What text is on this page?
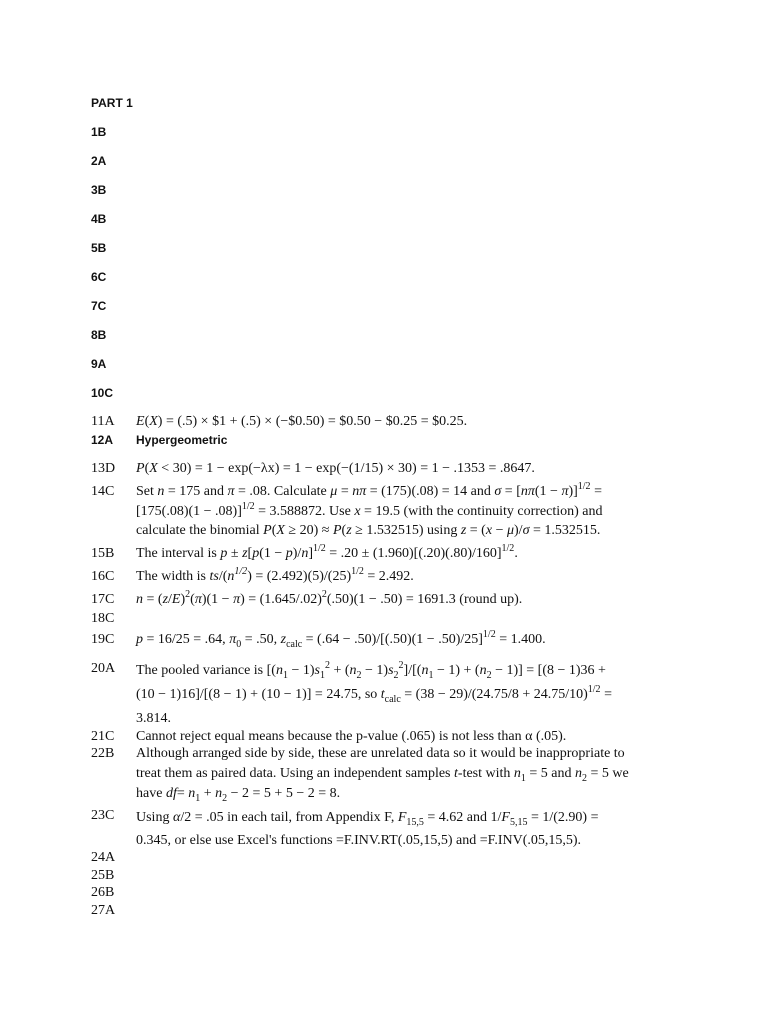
PART 1
1B
2A
3B
4B
5B
6C
7C
8B
9A
10C
11A E(X) = (.5) × $1 + (.5) × (−$0.50) = $0.50 − $0.25 = $0.25.
12A Hypergeometric
13D P(X < 30) = 1 − exp(−λx) = 1 − exp(−(1/15) × 30) = 1 − .1353 = .8647.
14C Set n = 175 and π = .08. Calculate μ = nπ = (175)(.08) = 14 and $\sigma = [n\pi(1 - \pi)]^{1/2}$ =
$[175(.08)(1 - .08)]^{1/2} = 3.588872$. Use x = 19.5 (with the continuity correction) and
calculate the binomial P(X ≥ 20) ≈ P(z ≥ 1.532515) using z = (x − μ)/σ = 1.532515.
15B The interval is $p \pm z[p(1 - p)/n]^{1/2} = .20 \pm (1.960)[(.20)(.80)/160]^{1/2}$.
16C The width is $ts/(n^{1/2}) = (2.492)(5)/(25)^{1/2} = 2.492$.
17C $n = (z/E)^2(\pi)(1 - \pi) = (1.645/.02)^2(.50)(1 - .50) = 1691.3$ (round up).
18C
19C p = 16/25 = .64, $\pi_0 = .50$, $z_{calc} = (.64 - .50)/[(.50)(1 - .50)/25]^{1/2} = 1.400$.
20A The pooled variance is $[(n_1 - 1)s_1^2 + (n_2 - 1)s_2^2]/[(n_1 - 1) + (n_2 - 1)] = [(8 - 1)36$ +
(10 − 1)16]/[(8 − 1) + (10 − 1)] = 24.75, so $t_{calc} = (38 - 29)/(24.75/8 + 24.75/10)^{1/2}$ =
3.814.
21C Cannot reject equal means because the p-value (.065) is not less than α (.05).
22B Although arranged side by side, these are unrelated data so it would be inappropriate to
treat them as paired data. Using an independent samples t-test with $n_1 = 5$ and $n_2 = 5$ we
have $df= n_1 + n_2 - 2 = 5 + 5 - 2 = 8$.
23C Using α/2 = .05 in each tail, from Appendix F, $F_{15,5} = 4.62$ and $1/F_{5,15} = 1/(2.90)$ =
0.345, or else use Excel's functions =F.INV.RT(.05,15,5) and =F.INV(.05,15,5).
24A
25B
26B
27A
